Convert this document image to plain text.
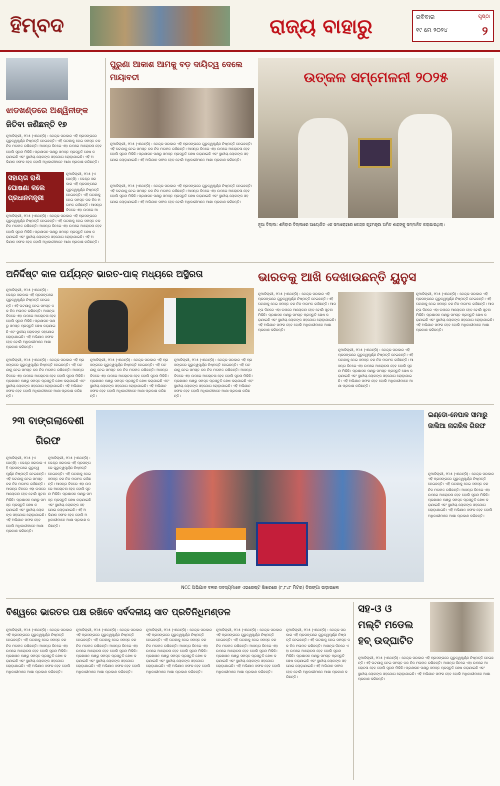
ହିମ୍ବଦ	ରାଜ୍ୟ ବାହାରୁ	ରବିବାର
୧୯ ମେ ୨୦୨୪
ପୃଷ୍ଠା
୨
ଝାଡଖଣ୍ଡରେ ଅଶ୍ୱିନୀଙ୍କ
ଜିତିବା ଜଣିଛନ୍ତି ୧୭
ନୂଆଦିଲ୍ଲୀ, ୧୮ା୫ (ଏଜେନ୍ସି) : କେନ୍ଦ୍ର ସରକାର ଏହି ପ୍ରସଙ୍ଗରେ ଗୁରୁତ୍ୱପୂର୍ଣ୍ଣ ନିଷ୍ପତ୍ତି ନେଇଛନ୍ତି। ଏହି ଘଟଣାକୁ ନେଇ ସମସ୍ତ ଦଳ ନିଜ ମତାମତ ରଖିଛନ୍ତି। ଆସନ୍ତା ଦିନରେ ଏହା ଉପରେ ଆଲୋଚନା ହେବ ବୋଲି ସୂଚନା ମିଳିଛି। ପ୍ରଶାସନ ପକ୍ଷରୁ ସମସ୍ତ ପ୍ରସ୍ତୁତି ଶେଷ କରାଯାଇଛି ଏବଂ ସ୍ଥାନୀୟ ଲୋକଙ୍କ ସହଯୋଗ ଲୋଡ଼ାଯାଇଛି। ଏହି ଅଭିଯାନ ସଫଳ ହେବ ବୋଲି ଅଧିକାରୀମାନେ ଆଶା ପ୍ରକାଶ କରିଛନ୍ତି।
ସହାୟତା ରାଶି ଘୋଷଣା କଲେ ପ୍ରଧାନମନ୍ତ୍ରୀ
ନୂଆଦିଲ୍ଲୀ, ୧୮ା୫ (ଏଜେନ୍ସି) : କେନ୍ଦ୍ର ସରକାର ଏହି ପ୍ରସଙ୍ଗରେ ଗୁରୁତ୍ୱପୂର୍ଣ୍ଣ ନିଷ୍ପତ୍ତି ନେଇଛନ୍ତି। ଏହି ଘଟଣାକୁ ନେଇ ସମସ୍ତ ଦଳ ନିଜ ମତାମତ ରଖିଛନ୍ତି। ଆସନ୍ତା ଦିନରେ ଏହା ଉପରେ ଆ
ନୂଆଦିଲ୍ଲୀ, ୧୮ା୫ (ଏଜେନ୍ସି) : କେନ୍ଦ୍ର ସରକାର ଏହି ପ୍ରସଙ୍ଗରେ ଗୁରୁତ୍ୱପୂର୍ଣ୍ଣ ନିଷ୍ପତ୍ତି ନେଇଛନ୍ତି। ଏହି ଘଟଣାକୁ ନେଇ ସମସ୍ତ ଦଳ ନିଜ ମତାମତ ରଖିଛନ୍ତି। ଆସନ୍ତା ଦିନରେ ଏହା ଉପରେ ଆଲୋଚନା ହେବ ବୋଲି ସୂଚନା ମିଳିଛି। ପ୍ରଶାସନ ପକ୍ଷରୁ ସମସ୍ତ ପ୍ରସ୍ତୁତି ଶେଷ କରାଯାଇଛି ଏବଂ ସ୍ଥାନୀୟ ଲୋକଙ୍କ ସହଯୋଗ ଲୋଡ଼ାଯାଇଛି। ଏହି ଅଭିଯାନ ସଫଳ ହେବ ବୋଲି ଅଧିକାରୀମାନେ ଆଶା ପ୍ରକାଶ କରିଛନ୍ତି।
ପୁରୁଣା ଆକାଶ ଆମକୁ ବଡ଼ ଦାୟିତ୍ୱ ଦେଲେ ମାୟାବତୀ
ନୂଆଦିଲ୍ଲୀ, ୧୮ା୫ (ଏଜେନ୍ସି) : କେନ୍ଦ୍ର ସରକାର ଏହି ପ୍ରସଙ୍ଗରେ ଗୁରୁତ୍ୱପୂର୍ଣ୍ଣ ନିଷ୍ପତ୍ତି ନେଇଛନ୍ତି। ଏହି ଘଟଣାକୁ ନେଇ ସମସ୍ତ ଦଳ ନିଜ ମତାମତ ରଖିଛନ୍ତି। ଆସନ୍ତା ଦିନରେ ଏହା ଉପରେ ଆଲୋଚନା ହେବ ବୋଲି ସୂଚନା ମିଳିଛି। ପ୍ରଶାସନ ପକ୍ଷରୁ ସମସ୍ତ ପ୍ରସ୍ତୁତି ଶେଷ କରାଯାଇଛି ଏବଂ ସ୍ଥାନୀୟ ଲୋକଙ୍କ ସହଯୋଗ ଲୋଡ଼ାଯାଇଛି। ଏହି ଅଭିଯାନ ସଫଳ ହେବ ବୋଲି ଅଧିକାରୀମାନେ ଆଶା ପ୍ରକାଶ କରିଛନ୍ତି।
ନୂଆଦିଲ୍ଲୀ, ୧୮ା୫ (ଏଜେନ୍ସି) : କେନ୍ଦ୍ର ସରକାର ଏହି ପ୍ରସଙ୍ଗରେ ଗୁରୁତ୍ୱପୂର୍ଣ୍ଣ ନିଷ୍ପତ୍ତି ନେଇଛନ୍ତି। ଏହି ଘଟଣାକୁ ନେଇ ସମସ୍ତ ଦଳ ନିଜ ମତାମତ ରଖିଛନ୍ତି। ଆସନ୍ତା ଦିନରେ ଏହା ଉପରେ ଆଲୋଚନା ହେବ ବୋଲି ସୂଚନା ମିଳିଛି। ପ୍ରଶାସନ ପକ୍ଷରୁ ସମସ୍ତ ପ୍ରସ୍ତୁତି ଶେଷ କରାଯାଇଛି ଏବଂ ସ୍ଥାନୀୟ ଲୋକଙ୍କ ସହଯୋଗ ଲୋଡ଼ାଯାଇଛି। ଏହି ଅଭିଯାନ ସଫଳ ହେବ ବୋଲି ଅଧିକାରୀମାନେ ଆଶା ପ୍ରକାଶ କରିଛନ୍ତି।
ଉତ୍କଳ ସମ୍ମେଳନୀ ୨୦୨୫
ନୂଆ ଦିଲ୍ଲୀ: ଶନିବାର ଦିଲ୍ଲୀରେ ଆୟୋଜିତ ଏକ ସମାରୋହରେ କେନ୍ଦ୍ର ଗୃହମନ୍ତ୍ରୀ ଅମିତ ଶାହଙ୍କୁ ସମ୍ମାନିତ କରାଯାଇଥିଲା।
ଅନିର୍ଦ୍ଦିଷ୍ଟ କାଳ ପର୍ଯ୍ୟନ୍ତ ଭାରତ-ପାକ୍ ମଧ୍ୟରେ ଅସ୍ଥିରତା	ଭାରତକୁ ଆଖି ଦେଖାଉଛନ୍ତି ୟୁନୁସ
ନୂଆଦିଲ୍ଲୀ, ୧୮ା୫ (ଏଜେନ୍ସି) : କେନ୍ଦ୍ର ସରକାର ଏହି ପ୍ରସଙ୍ଗରେ ଗୁରୁତ୍ୱପୂର୍ଣ୍ଣ ନିଷ୍ପତ୍ତି ନେଇଛନ୍ତି। ଏହି ଘଟଣାକୁ ନେଇ ସମସ୍ତ ଦଳ ନିଜ ମତାମତ ରଖିଛନ୍ତି। ଆସନ୍ତା ଦିନରେ ଏହା ଉପରେ ଆଲୋଚନା ହେବ ବୋଲି ସୂଚନା ମିଳିଛି। ପ୍ରଶାସନ ପକ୍ଷରୁ ସମସ୍ତ ପ୍ରସ୍ତୁତି ଶେଷ କରାଯାଇଛି ଏବଂ ସ୍ଥାନୀୟ ଲୋକଙ୍କ ସହଯୋଗ ଲୋଡ଼ାଯାଇଛି। ଏହି ଅଭିଯାନ ସଫଳ ହେବ ବୋଲି ଅଧିକାରୀମାନେ ଆଶା ପ୍ରକାଶ କରିଛନ୍ତି।
ନୂଆଦିଲ୍ଲୀ, ୧୮ା୫ (ଏଜେନ୍ସି) : କେନ୍ଦ୍ର ସରକାର ଏହି ପ୍ରସଙ୍ଗରେ ଗୁରୁତ୍ୱପୂର୍ଣ୍ଣ ନିଷ୍ପତ୍ତି ନେଇଛନ୍ତି। ଏହି ଘଟଣାକୁ ନେଇ ସମସ୍ତ ଦଳ ନିଜ ମତାମତ ରଖିଛନ୍ତି। ଆସନ୍ତା ଦିନରେ ଏହା ଉପରେ ଆଲୋଚନା ହେବ ବୋଲି ସୂଚନା ମିଳିଛି। ପ୍ରଶାସନ ପକ୍ଷରୁ ସମସ୍ତ ପ୍ରସ୍ତୁତି ଶେଷ କରାଯାଇଛି ଏବଂ ସ୍ଥାନୀୟ ଲୋକଙ୍କ ସହଯୋଗ ଲୋଡ଼ାଯାଇଛି। ଏହି ଅଭିଯାନ ସଫଳ ହେବ ବୋଲି ଅଧିକାରୀମାନେ ଆଶା ପ୍ରକାଶ କରିଛନ୍ତି।
ନୂଆଦିଲ୍ଲୀ, ୧୮ା୫ (ଏଜେନ୍ସି) : କେନ୍ଦ୍ର ସରକାର ଏହି ପ୍ରସଙ୍ଗରେ ଗୁରୁତ୍ୱପୂର୍ଣ୍ଣ ନିଷ୍ପତ୍ତି ନେଇଛନ୍ତି। ଏହି ଘଟଣାକୁ ନେଇ ସମସ୍ତ ଦଳ ନିଜ ମତାମତ ରଖିଛନ୍ତି। ଆସନ୍ତା ଦିନରେ ଏହା ଉପରେ ଆଲୋଚନା ହେବ ବୋଲି ସୂଚନା ମିଳିଛି। ପ୍ରଶାସନ ପକ୍ଷରୁ ସମସ୍ତ ପ୍ରସ୍ତୁତି ଶେଷ କରାଯାଇଛି ଏବଂ ସ୍ଥାନୀୟ ଲୋକଙ୍କ ସହଯୋଗ ଲୋଡ଼ାଯାଇଛି। ଏହି ଅଭିଯାନ ସଫଳ ହେବ ବୋଲି ଅଧିକାରୀମାନେ ଆଶା ପ୍ରକାଶ କରିଛନ୍ତି।
ନୂଆଦିଲ୍ଲୀ, ୧୮ା୫ (ଏଜେନ୍ସି) : କେନ୍ଦ୍ର ସରକାର ଏହି ପ୍ରସଙ୍ଗରେ ଗୁରୁତ୍ୱପୂର୍ଣ୍ଣ ନିଷ୍ପତ୍ତି ନେଇଛନ୍ତି। ଏହି ଘଟଣାକୁ ନେଇ ସମସ୍ତ ଦଳ ନିଜ ମତାମତ ରଖିଛନ୍ତି। ଆସନ୍ତା ଦିନରେ ଏହା ଉପରେ ଆଲୋଚନା ହେବ ବୋଲି ସୂଚନା ମିଳିଛି। ପ୍ରଶାସନ ପକ୍ଷରୁ ସମସ୍ତ ପ୍ରସ୍ତୁତି ଶେଷ କରାଯାଇଛି ଏବଂ ସ୍ଥାନୀୟ ଲୋକଙ୍କ ସହଯୋଗ ଲୋଡ଼ାଯାଇଛି। ଏହି ଅଭିଯାନ ସଫଳ ହେବ ବୋଲି ଅଧିକାରୀମାନେ ଆଶା ପ୍ରକାଶ କରିଛନ୍ତି।
ନୂଆଦିଲ୍ଲୀ, ୧୮ା୫ (ଏଜେନ୍ସି) : କେନ୍ଦ୍ର ସରକାର ଏହି ପ୍ରସଙ୍ଗରେ ଗୁରୁତ୍ୱପୂର୍ଣ୍ଣ ନିଷ୍ପତ୍ତି ନେଇଛନ୍ତି। ଏହି ଘଟଣାକୁ ନେଇ ସମସ୍ତ ଦଳ ନିଜ ମତାମତ ରଖିଛନ୍ତି। ଆସନ୍ତା ଦିନରେ ଏହା ଉପରେ ଆଲୋଚନା ହେବ ବୋଲି ସୂଚନା ମିଳିଛି। ପ୍ରଶାସନ ପକ୍ଷରୁ ସମସ୍ତ ପ୍ରସ୍ତୁତି ଶେଷ କରାଯାଇଛି ଏବଂ ସ୍ଥାନୀୟ ଲୋକଙ୍କ ସହଯୋଗ ଲୋଡ଼ାଯାଇଛି। ଏହି ଅଭିଯାନ ସଫଳ ହେବ ବୋଲି ଅଧିକାରୀମାନେ ଆଶା ପ୍ରକାଶ କରିଛନ୍ତି।
ନୂଆଦିଲ୍ଲୀ, ୧୮ା୫ (ଏଜେନ୍ସି) : କେନ୍ଦ୍ର ସରକାର ଏହି ପ୍ରସଙ୍ଗରେ ଗୁରୁତ୍ୱପୂର୍ଣ୍ଣ ନିଷ୍ପତ୍ତି ନେଇଛନ୍ତି। ଏହି ଘଟଣାକୁ ନେଇ ସମସ୍ତ ଦଳ ନିଜ ମତାମତ ରଖିଛନ୍ତି। ଆସନ୍ତା ଦିନରେ ଏହା ଉପରେ ଆଲୋଚନା ହେବ ବୋଲି ସୂଚନା ମିଳିଛି। ପ୍ରଶାସନ ପକ୍ଷରୁ ସମସ୍ତ ପ୍ରସ୍ତୁତି ଶେଷ କରାଯାଇଛି ଏବଂ ସ୍ଥାନୀୟ ଲୋକଙ୍କ ସହଯୋଗ ଲୋଡ଼ାଯାଇଛି। ଏହି ଅଭିଯାନ ସଫଳ ହେବ ବୋଲି ଅଧିକାରୀମାନେ ଆଶା ପ୍ରକାଶ କରିଛନ୍ତି।
ନୂଆଦିଲ୍ଲୀ, ୧୮ା୫ (ଏଜେନ୍ସି) : କେନ୍ଦ୍ର ସରକାର ଏହି ପ୍ରସଙ୍ଗରେ ଗୁରୁତ୍ୱପୂର୍ଣ୍ଣ ନିଷ୍ପତ୍ତି ନେଇଛନ୍ତି। ଏହି ଘଟଣାକୁ ନେଇ ସମସ୍ତ ଦଳ ନିଜ ମତାମତ ରଖିଛନ୍ତି। ଆସନ୍ତା ଦିନରେ ଏହା ଉପରେ ଆଲୋଚନା ହେବ ବୋଲି ସୂଚନା ମିଳିଛି। ପ୍ରଶାସନ ପକ୍ଷରୁ ସମସ୍ତ ପ୍ରସ୍ତୁତି ଶେଷ କରାଯାଇଛି ଏବଂ ସ୍ଥାନୀୟ ଲୋକଙ୍କ ସହଯୋଗ ଲୋଡ଼ାଯାଇଛି। ଏହି ଅଭିଯାନ ସଫଳ ହେବ ବୋଲି ଅଧିକାରୀମାନେ ଆଶା ପ୍ରକାଶ କରିଛନ୍ତି।
୨୩ ବାଙ୍ଗଲାଦେଶୀ ଗିରଫ
ନୂଆଦିଲ୍ଲୀ, ୧୮ା୫ (ଏଜେନ୍ସି) : କେନ୍ଦ୍ର ସରକାର ଏହି ପ୍ରସଙ୍ଗରେ ଗୁରୁତ୍ୱପୂର୍ଣ୍ଣ ନିଷ୍ପତ୍ତି ନେଇଛନ୍ତି। ଏହି ଘଟଣାକୁ ନେଇ ସମସ୍ତ ଦଳ ନିଜ ମତାମତ ରଖିଛନ୍ତି। ଆସନ୍ତା ଦିନରେ ଏହା ଉପରେ ଆଲୋଚନା ହେବ ବୋଲି ସୂଚନା ମିଳିଛି। ପ୍ରଶାସନ ପକ୍ଷରୁ ସମସ୍ତ ପ୍ରସ୍ତୁତି ଶେଷ କରାଯାଇଛି ଏବଂ ସ୍ଥାନୀୟ ଲୋକଙ୍କ ସହଯୋଗ ଲୋଡ଼ାଯାଇଛି। ଏହି ଅଭିଯାନ ସଫଳ ହେବ ବୋଲି ଅଧିକାରୀମାନେ ଆଶା ପ୍ରକାଶ କରିଛନ୍ତି।
ନୂଆଦିଲ୍ଲୀ, ୧୮ା୫ (ଏଜେନ୍ସି) : କେନ୍ଦ୍ର ସରକାର ଏହି ପ୍ରସଙ୍ଗରେ ଗୁରୁତ୍ୱପୂର୍ଣ୍ଣ ନିଷ୍ପତ୍ତି ନେଇଛନ୍ତି। ଏହି ଘଟଣାକୁ ନେଇ ସମସ୍ତ ଦଳ ନିଜ ମତାମତ ରଖିଛନ୍ତି। ଆସନ୍ତା ଦିନରେ ଏହା ଉପରେ ଆଲୋଚନା ହେବ ବୋଲି ସୂଚନା ମିଳିଛି। ପ୍ରଶାସନ ପକ୍ଷରୁ ସମସ୍ତ ପ୍ରସ୍ତୁତି ଶେଷ କରାଯାଇଛି ଏବଂ ସ୍ଥାନୀୟ ଲୋକଙ୍କ ସହଯୋଗ ଲୋଡ଼ାଯାଇଛି। ଏହି ଅଭିଯାନ ସଫଳ ହେବ ବୋଲି ଅଧିକାରୀମାନେ ଆଶା ପ୍ରକାଶ କରିଛନ୍ତି।
NCC ଅଭିଯାନ ଦଳର ସଦସ୍ୟମାନେ ଏଭରେଷ୍ଟ ଶିଖରରେ (୮,୮୪୮ ମିଟର) ତିରଙ୍ଗା ଉଡ଼ାଇଲେ
ଇଣ୍ଡୋ-ନେପାଳ ସୀମାରୁ ଜାଲିଆ ନାଗରିକ ଗିରଫ
ନୂଆଦିଲ୍ଲୀ, ୧୮ା୫ (ଏଜେନ୍ସି) : କେନ୍ଦ୍ର ସରକାର ଏହି ପ୍ରସଙ୍ଗରେ ଗୁରୁତ୍ୱପୂର୍ଣ୍ଣ ନିଷ୍ପତ୍ତି ନେଇଛନ୍ତି। ଏହି ଘଟଣାକୁ ନେଇ ସମସ୍ତ ଦଳ ନିଜ ମତାମତ ରଖିଛନ୍ତି। ଆସନ୍ତା ଦିନରେ ଏହା ଉପରେ ଆଲୋଚନା ହେବ ବୋଲି ସୂଚନା ମିଳିଛି। ପ୍ରଶାସନ ପକ୍ଷରୁ ସମସ୍ତ ପ୍ରସ୍ତୁତି ଶେଷ କରାଯାଇଛି ଏବଂ ସ୍ଥାନୀୟ ଲୋକଙ୍କ ସହଯୋଗ ଲୋଡ଼ାଯାଇଛି। ଏହି ଅଭିଯାନ ସଫଳ ହେବ ବୋଲି ଅଧିକାରୀମାନେ ଆଶା ପ୍ରକାଶ କରିଛନ୍ତି।
ବିଶ୍ୱରେ ଭାରତର ପକ୍ଷ ରଖିବେ ସର୍ବଦଳୀୟ ସାତ ପ୍ରତିନିଧିମଣ୍ଡଳ
ନୂଆଦିଲ୍ଲୀ, ୧୮ା୫ (ଏଜେନ୍ସି) : କେନ୍ଦ୍ର ସରକାର ଏହି ପ୍ରସଙ୍ଗରେ ଗୁରୁତ୍ୱପୂର୍ଣ୍ଣ ନିଷ୍ପତ୍ତି ନେଇଛନ୍ତି। ଏହି ଘଟଣାକୁ ନେଇ ସମସ୍ତ ଦଳ ନିଜ ମତାମତ ରଖିଛନ୍ତି। ଆସନ୍ତା ଦିନରେ ଏହା ଉପରେ ଆଲୋଚନା ହେବ ବୋଲି ସୂଚନା ମିଳିଛି। ପ୍ରଶାସନ ପକ୍ଷରୁ ସମସ୍ତ ପ୍ରସ୍ତୁତି ଶେଷ କରାଯାଇଛି ଏବଂ ସ୍ଥାନୀୟ ଲୋକଙ୍କ ସହଯୋଗ ଲୋଡ଼ାଯାଇଛି। ଏହି ଅଭିଯାନ ସଫଳ ହେବ ବୋଲି ଅଧିକାରୀମାନେ ଆଶା ପ୍ରକାଶ କରିଛନ୍ତି।
ନୂଆଦିଲ୍ଲୀ, ୧୮ା୫ (ଏଜେନ୍ସି) : କେନ୍ଦ୍ର ସରକାର ଏହି ପ୍ରସଙ୍ଗରେ ଗୁରୁତ୍ୱପୂର୍ଣ୍ଣ ନିଷ୍ପତ୍ତି ନେଇଛନ୍ତି। ଏହି ଘଟଣାକୁ ନେଇ ସମସ୍ତ ଦଳ ନିଜ ମତାମତ ରଖିଛନ୍ତି। ଆସନ୍ତା ଦିନରେ ଏହା ଉପରେ ଆଲୋଚନା ହେବ ବୋଲି ସୂଚନା ମିଳିଛି। ପ୍ରଶାସନ ପକ୍ଷରୁ ସମସ୍ତ ପ୍ରସ୍ତୁତି ଶେଷ କରାଯାଇଛି ଏବଂ ସ୍ଥାନୀୟ ଲୋକଙ୍କ ସହଯୋଗ ଲୋଡ଼ାଯାଇଛି। ଏହି ଅଭିଯାନ ସଫଳ ହେବ ବୋଲି ଅଧିକାରୀମାନେ ଆଶା ପ୍ରକାଶ କରିଛନ୍ତି।
ନୂଆଦିଲ୍ଲୀ, ୧୮ା୫ (ଏଜେନ୍ସି) : କେନ୍ଦ୍ର ସରକାର ଏହି ପ୍ରସଙ୍ଗରେ ଗୁରୁତ୍ୱପୂର୍ଣ୍ଣ ନିଷ୍ପତ୍ତି ନେଇଛନ୍ତି। ଏହି ଘଟଣାକୁ ନେଇ ସମସ୍ତ ଦଳ ନିଜ ମତାମତ ରଖିଛନ୍ତି। ଆସନ୍ତା ଦିନରେ ଏହା ଉପରେ ଆଲୋଚନା ହେବ ବୋଲି ସୂଚନା ମିଳିଛି। ପ୍ରଶାସନ ପକ୍ଷରୁ ସମସ୍ତ ପ୍ରସ୍ତୁତି ଶେଷ କରାଯାଇଛି ଏବଂ ସ୍ଥାନୀୟ ଲୋକଙ୍କ ସହଯୋଗ ଲୋଡ଼ାଯାଇଛି। ଏହି ଅଭିଯାନ ସଫଳ ହେବ ବୋଲି ଅଧିକାରୀମାନେ ଆଶା ପ୍ରକାଶ କରିଛନ୍ତି।
ନୂଆଦିଲ୍ଲୀ, ୧୮ା୫ (ଏଜେନ୍ସି) : କେନ୍ଦ୍ର ସରକାର ଏହି ପ୍ରସଙ୍ଗରେ ଗୁରୁତ୍ୱପୂର୍ଣ୍ଣ ନିଷ୍ପତ୍ତି ନେଇଛନ୍ତି। ଏହି ଘଟଣାକୁ ନେଇ ସମସ୍ତ ଦଳ ନିଜ ମତାମତ ରଖିଛନ୍ତି। ଆସନ୍ତା ଦିନରେ ଏହା ଉପରେ ଆଲୋଚନା ହେବ ବୋଲି ସୂଚନା ମିଳିଛି। ପ୍ରଶାସନ ପକ୍ଷରୁ ସମସ୍ତ ପ୍ରସ୍ତୁତି ଶେଷ କରାଯାଇଛି ଏବଂ ସ୍ଥାନୀୟ ଲୋକଙ୍କ ସହଯୋଗ ଲୋଡ଼ାଯାଇଛି। ଏହି ଅଭିଯାନ ସଫଳ ହେବ ବୋଲି ଅଧିକାରୀମାନେ ଆଶା ପ୍ରକାଶ କରିଛନ୍ତି।
ନୂଆଦିଲ୍ଲୀ, ୧୮ା୫ (ଏଜେନ୍ସି) : କେନ୍ଦ୍ର ସରକାର ଏହି ପ୍ରସଙ୍ଗରେ ଗୁରୁତ୍ୱପୂର୍ଣ୍ଣ ନିଷ୍ପତ୍ତି ନେଇଛନ୍ତି। ଏହି ଘଟଣାକୁ ନେଇ ସମସ୍ତ ଦଳ ନିଜ ମତାମତ ରଖିଛନ୍ତି। ଆସନ୍ତା ଦିନରେ ଏହା ଉପରେ ଆଲୋଚନା ହେବ ବୋଲି ସୂଚନା ମିଳିଛି। ପ୍ରଶାସନ ପକ୍ଷରୁ ସମସ୍ତ ପ୍ରସ୍ତୁତି ଶେଷ କରାଯାଇଛି ଏବଂ ସ୍ଥାନୀୟ ଲୋକଙ୍କ ସହଯୋଗ ଲୋଡ଼ାଯାଇଛି। ଏହି ଅଭିଯାନ ସଫଳ ହେବ ବୋଲି ଅଧିକାରୀମାନେ ଆଶା ପ୍ରକାଶ କରିଛନ୍ତି।
ସହ-ଓ ଓ
ମଲ୍ଟି ମଡେଲ
ହବ୍ ଉଦ୍‌ଘାଟିତ
ନୂଆଦିଲ୍ଲୀ, ୧୮ା୫ (ଏଜେନ୍ସି) : କେନ୍ଦ୍ର ସରକାର ଏହି ପ୍ରସଙ୍ଗରେ ଗୁରୁତ୍ୱପୂର୍ଣ୍ଣ ନିଷ୍ପତ୍ତି ନେଇଛନ୍ତି। ଏହି ଘଟଣାକୁ ନେଇ ସମସ୍ତ ଦଳ ନିଜ ମତାମତ ରଖିଛନ୍ତି। ଆସନ୍ତା ଦିନରେ ଏହା ଉପରେ ଆଲୋଚନା ହେବ ବୋଲି ସୂଚନା ମିଳିଛି। ପ୍ରଶାସନ ପକ୍ଷରୁ ସମସ୍ତ ପ୍ରସ୍ତୁତି ଶେଷ କରାଯାଇଛି ଏବଂ ସ୍ଥାନୀୟ ଲୋକଙ୍କ ସହଯୋଗ ଲୋଡ଼ାଯାଇଛି। ଏହି ଅଭିଯାନ ସଫଳ ହେବ ବୋଲି ଅଧିକାରୀମାନେ ଆଶା ପ୍ରକାଶ କରିଛନ୍ତି।
